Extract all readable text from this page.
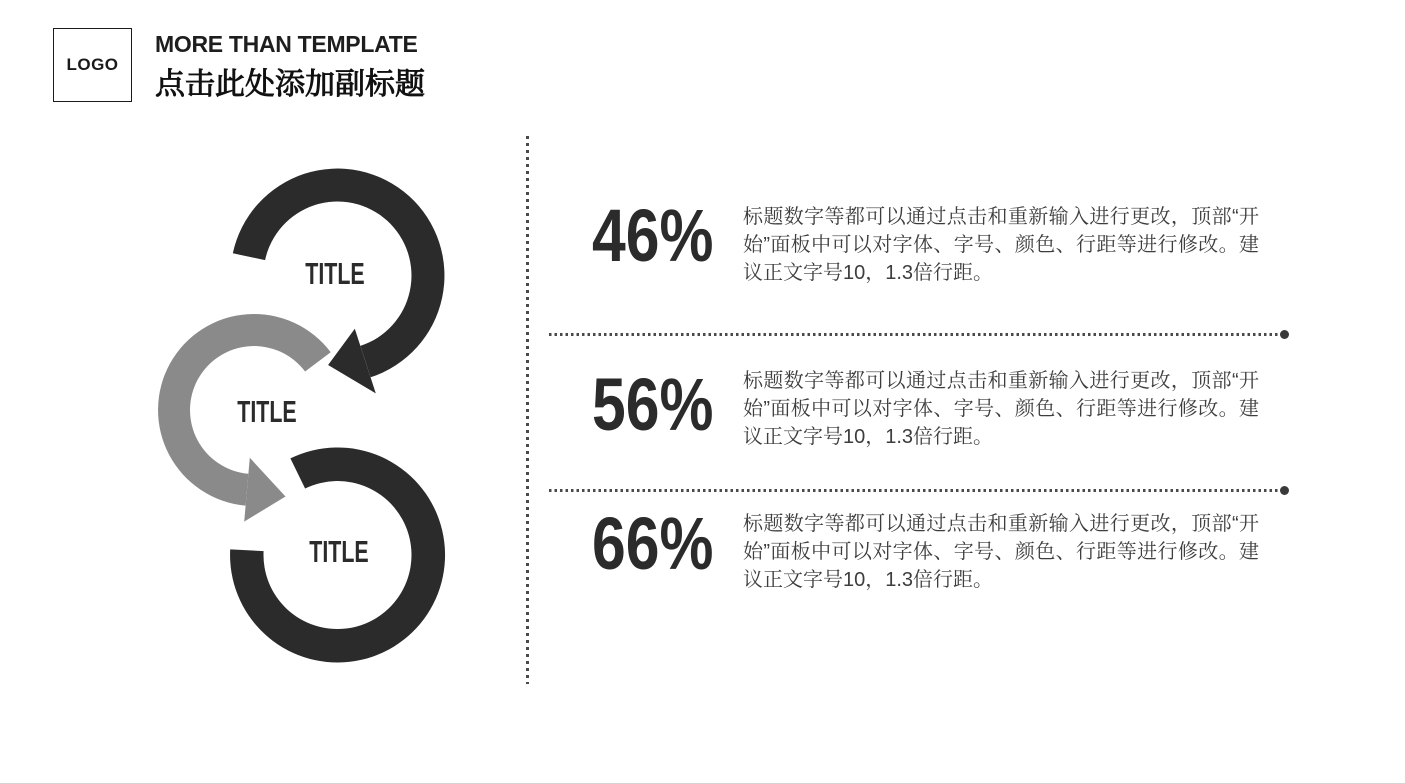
LOGO
MORE THAN TEMPLATE
点击此处添加副标题
TITLE
TITLE
TITLE
46% 标题数字等都可以通过点击和重新输入进行更改，顶部“开始”面板中可以对字体、字号、颜色、行距等进行修改。建议正文字号10，1.3倍行距。
56% 标题数字等都可以通过点击和重新输入进行更改，顶部“开始”面板中可以对字体、字号、颜色、行距等进行修改。建议正文字号10，1.3倍行距。
66% 标题数字等都可以通过点击和重新输入进行更改，顶部“开始”面板中可以对字体、字号、颜色、行距等进行修改。建议正文字号10，1.3倍行距。
